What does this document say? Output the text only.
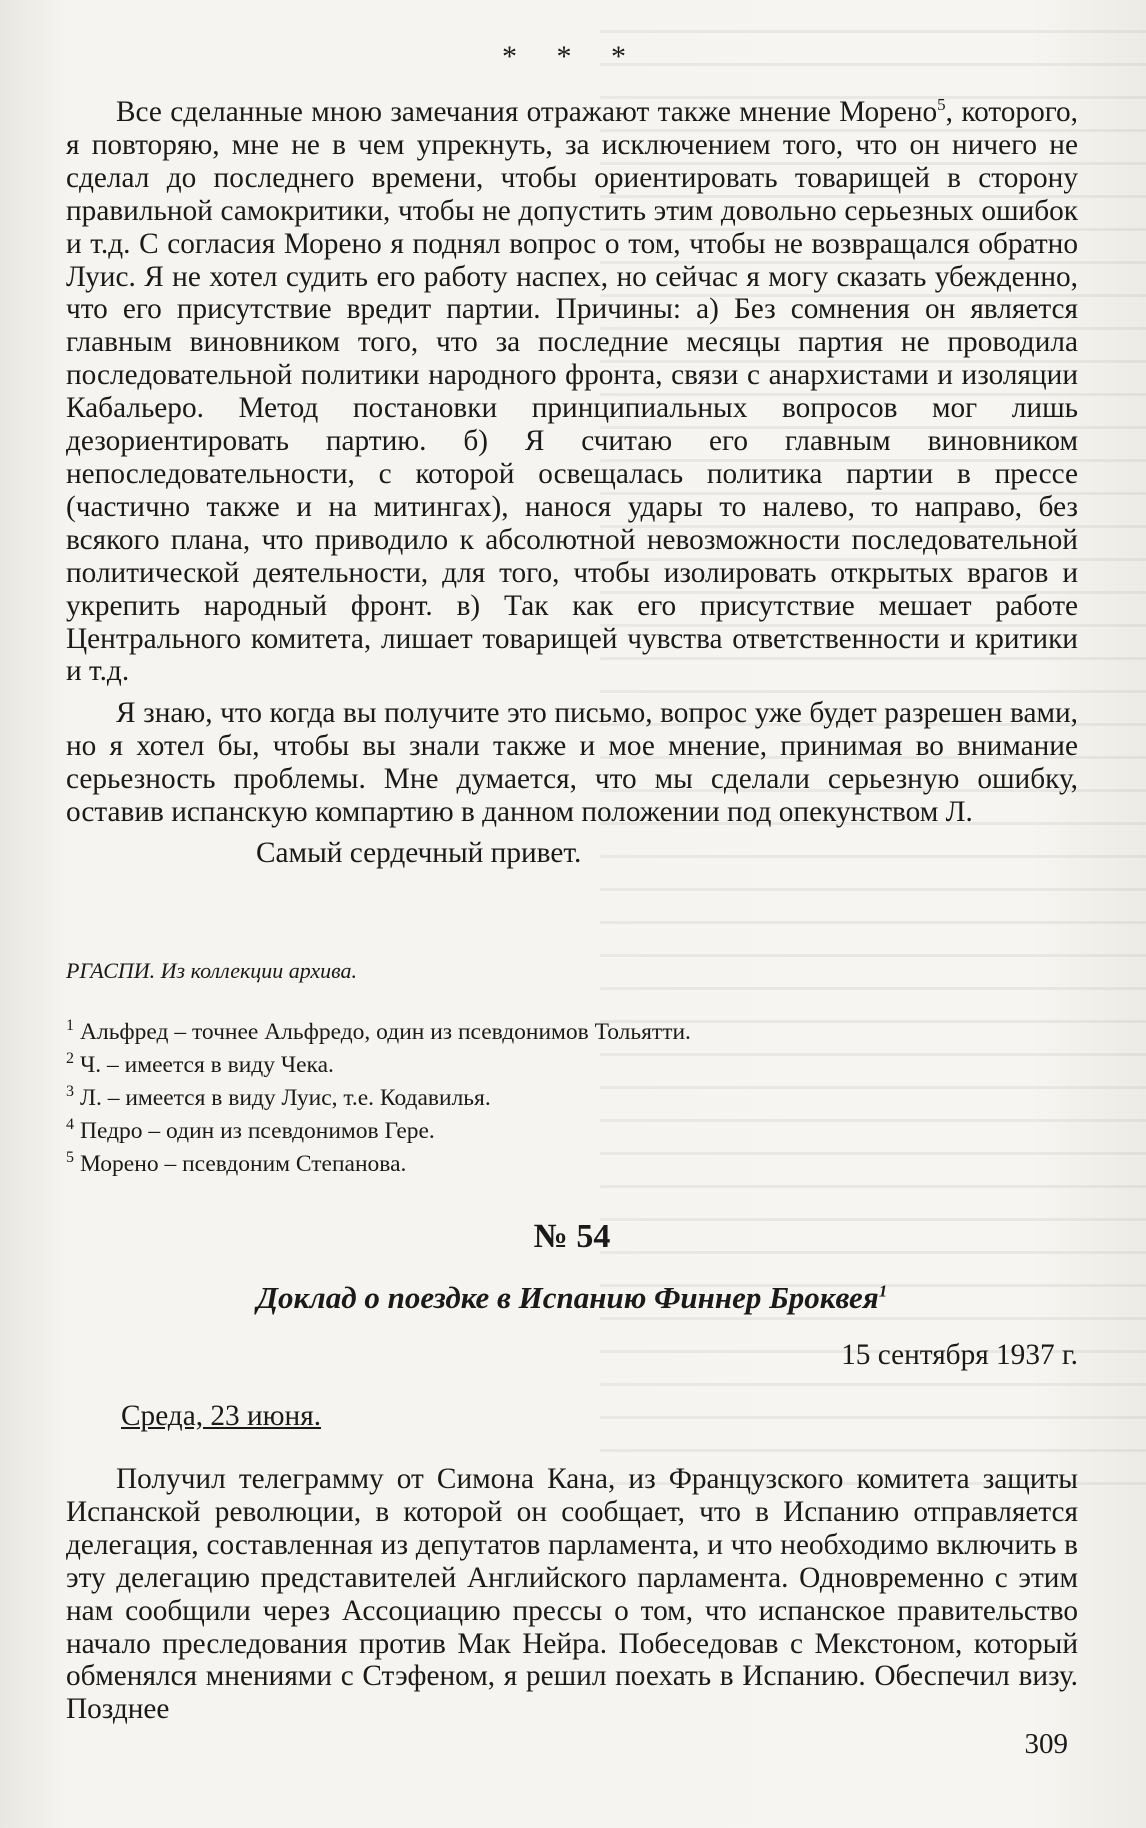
* * *

Все сделанные мною замечания отражают также мнение Морено$^5$, которого, я повторяю, мне не в чем упрекнуть, за исключением того, что он ничего не сделал до последнего времени, чтобы ориентировать товарищей в сторону правильной самокритики, чтобы не допустить этим довольно серьезных ошибок и т.д. С согласия Морено я поднял вопрос о том, чтобы не возвращался обратно Луис. Я не хотел судить его работу наспех, но сейчас я могу сказать убежденно, что его присутствие вредит партии. Причины: а) Без сомнения он является главным виновником того, что за последние месяцы партия не проводила последовательной политики народного фронта, связи с анархистами и изоляции Кабальеро. Метод постановки принципиальных вопросов мог лишь дезориентировать партию. б) Я считаю его главным виновником непоследовательности, с которой освещалась политика партии в прессе (частично также и на митингах), нанося удары то налево, то направо, без всякого плана, что приводило к абсолютной невозможности последовательной политической деятельности, для того, чтобы изолировать открытых врагов и укрепить народный фронт. в) Так как его присутствие мешает работе Центрального комитета, лишает товарищей чувства ответственности и критики и т.д.

Я знаю, что когда вы получите это письмо, вопрос уже будет разрешен вами, но я хотел бы, чтобы вы знали также и мое мнение, принимая во внимание серьезность проблемы. Мне думается, что мы сделали серьезную ошибку, оставив испанскую компартию в данном положении под опекунством Л.

Самый сердечный привет.
РГАСПИ. Из коллекции архива.
$^1$ Альфред – точнее Альфредо, один из псевдонимов Тольятти.
$^2$ Ч. – имеется в виду Чека.
$^3$ Л. – имеется в виду Луис, т.е. Кодавилья.
$^4$ Педро – один из псевдонимов Гере.
$^5$ Морено – псевдоним Степанова.
№ 54
Доклад о поездке в Испанию Финнер Броквея$^1$
15 сентября 1937 г.
Среда, 23 июня.

Получил телеграмму от Симона Кана, из Французского комитета защиты Испанской революции, в которой он сообщает, что в Испанию отправляется делегация, составленная из депутатов парламента, и что необходимо включить в эту делегацию представителей Английского парламента. Одновременно с этим нам сообщили через Ассоциацию прессы о том, что испанское правительство начало преследования против Мак Нейра. Побеседовав с Мекстоном, который обменялся мнениями с Стэфеном, я решил поехать в Испанию. Обеспечил визу. Позднее

309
